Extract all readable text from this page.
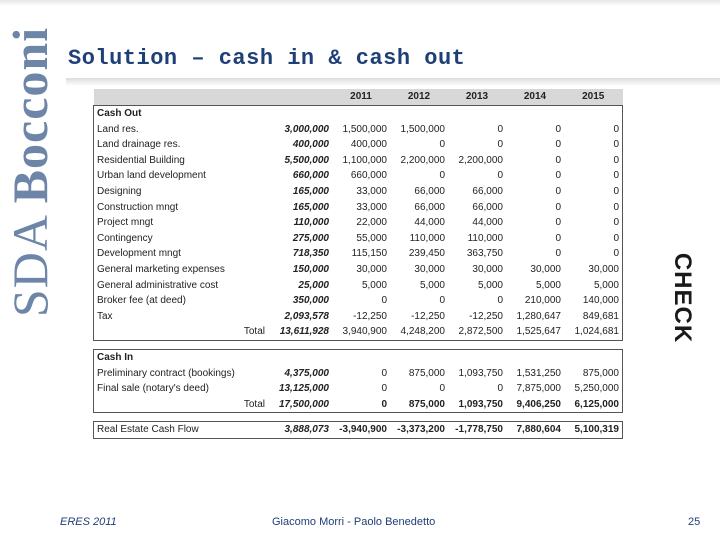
SDA Bocconi Solution – cash in & cash out
		2011	2012	2013	2014	2015
Cash Out						
Land res.	3,000,000	1,500,000	1,500,000	0	0	0
Land drainage res.	400,000	400,000	0	0	0	0
Residential Building	5,500,000	1,100,000	2,200,000	2,200,000	0	0
Urban land development	660,000	660,000	0	0	0	0
Designing	165,000	33,000	66,000	66,000	0	0
Construction mngt	165,000	33,000	66,000	66,000	0	0
Project mngt	110,000	22,000	44,000	44,000	0	0
Contingency	275,000	55,000	110,000	110,000	0	0
Development mngt	718,350	115,150	239,450	363,750	0	0
General marketing expenses	150,000	30,000	30,000	30,000	30,000	30,000
General administrative cost	25,000	5,000	5,000	5,000	5,000	5,000
Broker fee (at deed)	350,000	0	0	0	210,000	140,000
Tax	2,093,578	-12,250	-12,250	-12,250	1,280,647	849,681
Total	13,611,928	3,940,900	4,248,200	2,872,500	1,525,647	1,024,681

Cash In						
Preliminary contract (bookings)	4,375,000	0	875,000	1,093,750	1,531,250	875,000
Final sale (notary's deed)	13,125,000	0	0	0	7,875,000	5,250,000
Total	17,500,000	0	875,000	1,093,750	9,406,250	6,125,000

Real Estate Cash Flow	3,888,073	-3,940,900	-3,373,200	-1,778,750	7,880,604	5,100,319
CHECK
ERES 2011	Giacomo Morri - Paolo Benedetto	25
